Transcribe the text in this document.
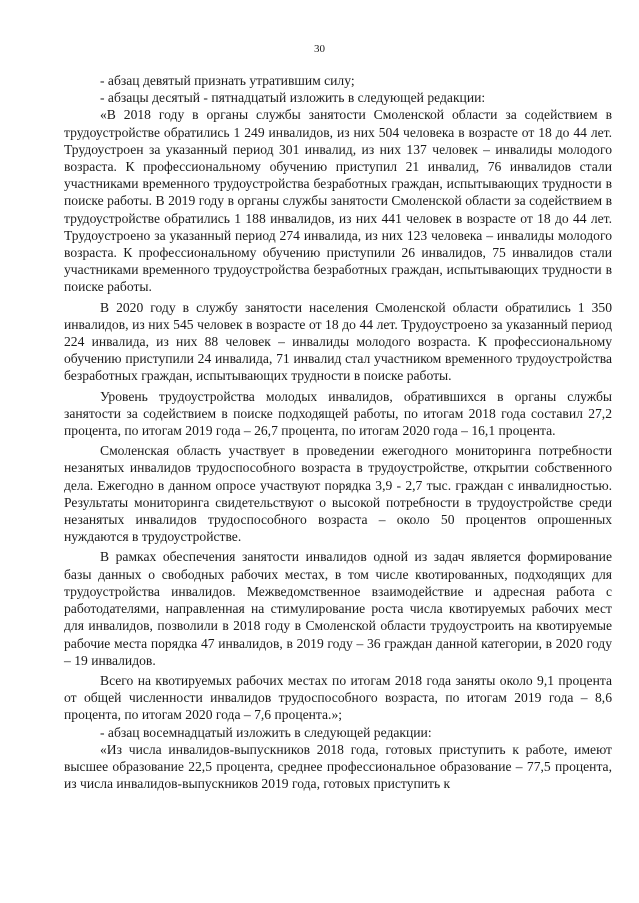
30

- абзац девятый признать утратившим силу;

- абзацы десятый - пятнадцатый изложить в следующей редакции:

«В 2018 году в органы службы занятости Смоленской области за содействием в трудоустройстве обратились 1 249 инвалидов, из них 504 человека в возрасте от 18 до 44 лет. Трудоустроен за указанный период 301 инвалид, из них 137 человек – инвалиды молодого возраста. К профессиональному обучению приступил 21 инвалид, 76 инвалидов стали участниками временного трудоустройства безработных граждан, испытывающих трудности в поиске работы. В 2019 году в органы службы занятости Смоленской области за содействием в трудоустройстве обратились 1 188 инвалидов, из них 441 человек в возрасте от 18 до 44 лет. Трудоустроено за указанный период 274 инвалида, из них 123 человека – инвалиды молодого возраста. К профессиональному обучению приступили 26 инвалидов, 75 инвалидов стали участниками временного трудоустройства безработных граждан, испытывающих трудности в поиске работы.

В 2020 году в службу занятости населения Смоленской области обратились 1 350 инвалидов, из них 545 человек в возрасте от 18 до 44 лет. Трудоустроено за указанный период 224 инвалида, из них 88 человек – инвалиды молодого возраста. К профессиональному обучению приступили 24 инвалида, 71 инвалид стал участником временного трудоустройства безработных граждан, испытывающих трудности в поиске работы.

Уровень трудоустройства молодых инвалидов, обратившихся в органы службы занятости за содействием в поиске подходящей работы, по итогам 2018 года составил 27,2 процента, по итогам 2019 года – 26,7 процента, по итогам 2020 года – 16,1 процента.

Смоленская область участвует в проведении ежегодного мониторинга потребности незанятых инвалидов трудоспособного возраста в трудоустройстве, открытии собственного дела. Ежегодно в данном опросе участвуют порядка 3,9 - 2,7 тыс. граждан с инвалидностью. Результаты мониторинга свидетельствуют о высокой потребности в трудоустройстве среди незанятых инвалидов трудоспособного возраста – около 50 процентов опрошенных нуждаются в трудоустройстве.

В рамках обеспечения занятости инвалидов одной из задач является формирование базы данных о свободных рабочих местах, в том числе квотированных, подходящих для трудоустройства инвалидов. Межведомственное взаимодействие и адресная работа с работодателями, направленная на стимулирование роста числа квотируемых рабочих мест для инвалидов, позволили в 2018 году в Смоленской области трудоустроить на квотируемые рабочие места порядка 47 инвалидов, в 2019 году – 36 граждан данной категории, в 2020 году – 19 инвалидов.

Всего на квотируемых рабочих местах по итогам 2018 года заняты около 9,1 процента от общей численности инвалидов трудоспособного возраста, по итогам 2019 года – 8,6 процента, по итогам 2020 года – 7,6 процента.»;

- абзац восемнадцатый изложить в следующей редакции:

«Из числа инвалидов-выпускников 2018 года, готовых приступить к работе, имеют высшее образование 22,5 процента, среднее профессиональное образование – 77,5 процента, из числа инвалидов-выпускников 2019 года, готовых приступить к
